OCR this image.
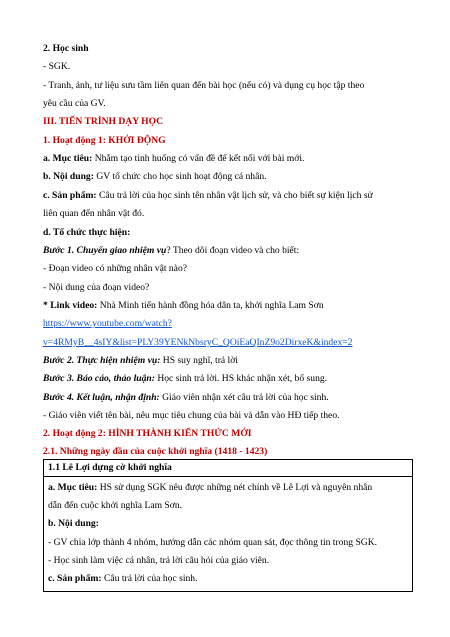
2. Học sinh
- SGK.
- Tranh, ảnh, tư liệu sưu tầm liên quan đến bài học (nếu có) và dụng cụ học tập theo
yêu cầu của GV.
III. TIẾN TRÌNH DẠY HỌC
1. Hoạt động 1: KHỞI ĐỘNG
a. Mục tiêu: Nhằm tạo tình huống có vấn đề để kết nối với bài mới.
b. Nội dung: GV tổ chức cho học sinh hoạt động cá nhân.
c. Sản phẩm: Câu trả lời của học sinh tên nhân vật lịch sử, và cho biết sự kiện lịch sử
liên quan đến nhân vật đó.
d. Tổ chức thực hiện:
Bước 1. Chuyển giao nhiệm vụ? Theo dõi đoạn video và cho biết:
- Đoạn video có những nhân vật nào?
- Nội dung của đoạn video?
* Link video: Nhà Minh tiến hành đồng hóa dân ta, khởi nghĩa Lam Sơn
https://www.youtube.com/watch?
v=4RMyB__4sIY&list=PLY39YENkNbsryC_QOiEaQInZ9o2DirxeK&index=2
Bước 2. Thực hiện nhiệm vụ: HS suy nghĩ, trả lời
Bước 3. Báo cáo, thảo luận: Học sinh trả lời. HS khác nhận xét, bổ sung.
Bước 4. Kết luận, nhận định: Giáo viên nhận xét câu trả lời của học sinh.
- Giáo viên viết tên bài, nêu mục tiêu chung của bài và dẫn vào HĐ tiếp theo.
2. Hoạt động 2: HÌNH THÀNH KIẾN THỨC MỚI
2.1. Những ngày đầu của cuộc khởi nghĩa (1418 - 1423)
1.1 Lê Lợi dựng cờ khởi nghĩa
a. Mục tiêu: HS sử dụng SGK nêu được những nét chính về Lê Lợi và nguyên nhân
dẫn đến cuộc khởi nghĩa Lam Sơn.
b. Nội dung:
- GV chia lớp thành 4 nhóm, hướng dẫn các nhóm quan sát, đọc thông tin trong SGK.
- Học sinh làm việc cá nhân, trả lời câu hỏi của giáo viên.
c. Sản phẩm: Câu trả lời của học sinh.
